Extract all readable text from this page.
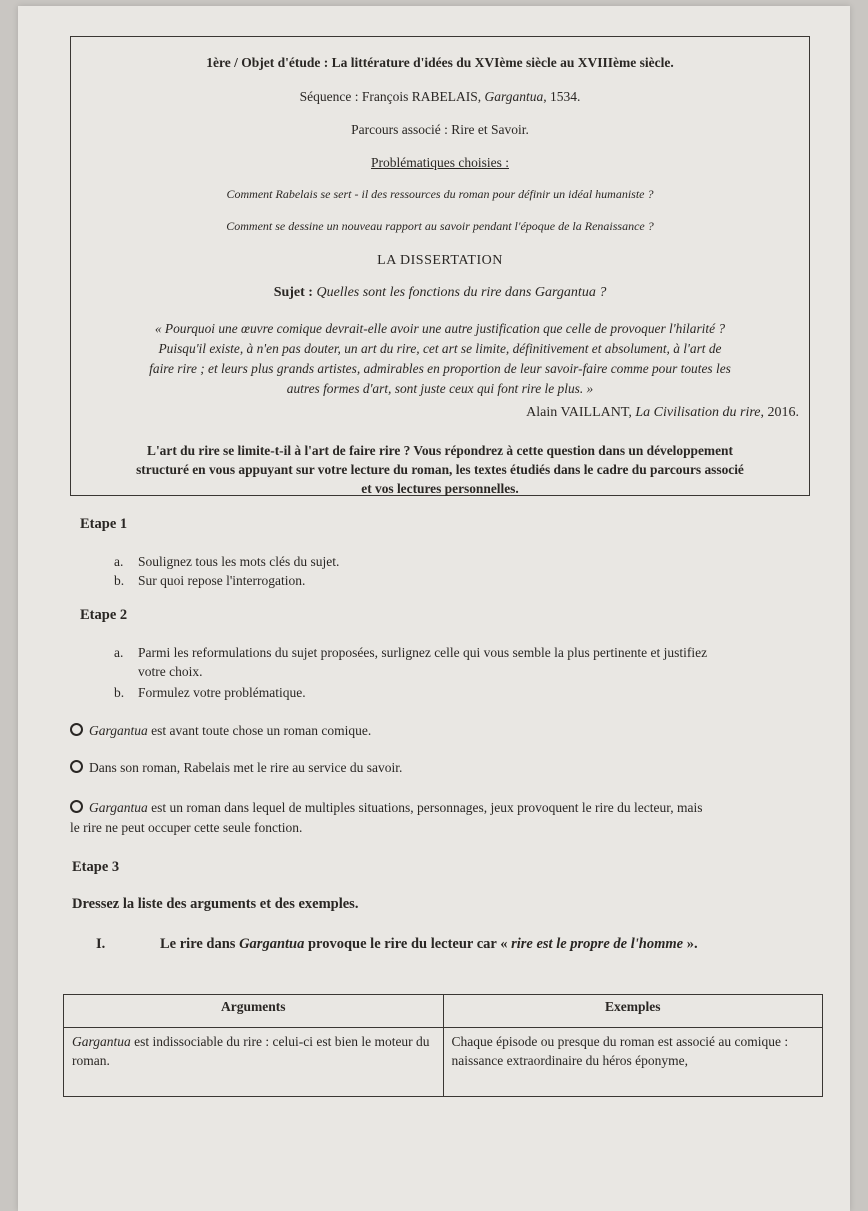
1ère / Objet d'étude : La littérature d'idées du XVIème siècle au XVIIIème siècle.
Séquence : François RABELAIS, Gargantua, 1534.
Parcours associé : Rire et Savoir.
Problématiques choisies :
Comment Rabelais se sert - il des ressources du roman pour définir un idéal humaniste ?
Comment se dessine un nouveau rapport au savoir pendant l'époque de la Renaissance ?
LA DISSERTATION
Sujet : Quelles sont les fonctions du rire dans Gargantua ?
« Pourquoi une œuvre comique devrait-elle avoir une autre justification que celle de provoquer l'hilarité ?
Puisqu'il existe, à n'en pas douter, un art du rire, cet art se limite, définitivement et absolument, à l'art de
faire rire ; et leurs plus grands artistes, admirables en proportion de leur savoir-faire comme pour toutes les
autres formes d'art, sont juste ceux qui font rire le plus. »
Alain VAILLANT, La Civilisation du rire, 2016.
L'art du rire se limite-t-il à l'art de faire rire ? Vous répondrez à cette question dans un développement
structuré en vous appuyant sur votre lecture du roman, les textes étudiés dans le cadre du parcours associé
et vos lectures personnelles.
Etape 1
a. Soulignez tous les mots clés du sujet.
b. Sur quoi repose l'interrogation.
Etape 2
a. Parmi les reformulations du sujet proposées, surlignez celle qui vous semble la plus pertinente et justifiez
votre choix.
b. Formulez votre problématique.
Gargantua est avant toute chose un roman comique.
Dans son roman, Rabelais met le rire au service du savoir.
Gargantua est un roman dans lequel de multiples situations, personnages, jeux provoquent le rire du lecteur, mais
le rire ne peut occuper cette seule fonction.
Etape 3
Dressez la liste des arguments et des exemples.
I.	Le rire dans Gargantua provoque le rire du lecteur car « rire est le propre de l'homme ».
Arguments	Exemples
Gargantua est indissociable du rire : celui-ci est bien le moteur du roman.	Chaque épisode ou presque du roman est associé au comique : naissance extraordinaire du héros éponyme,
